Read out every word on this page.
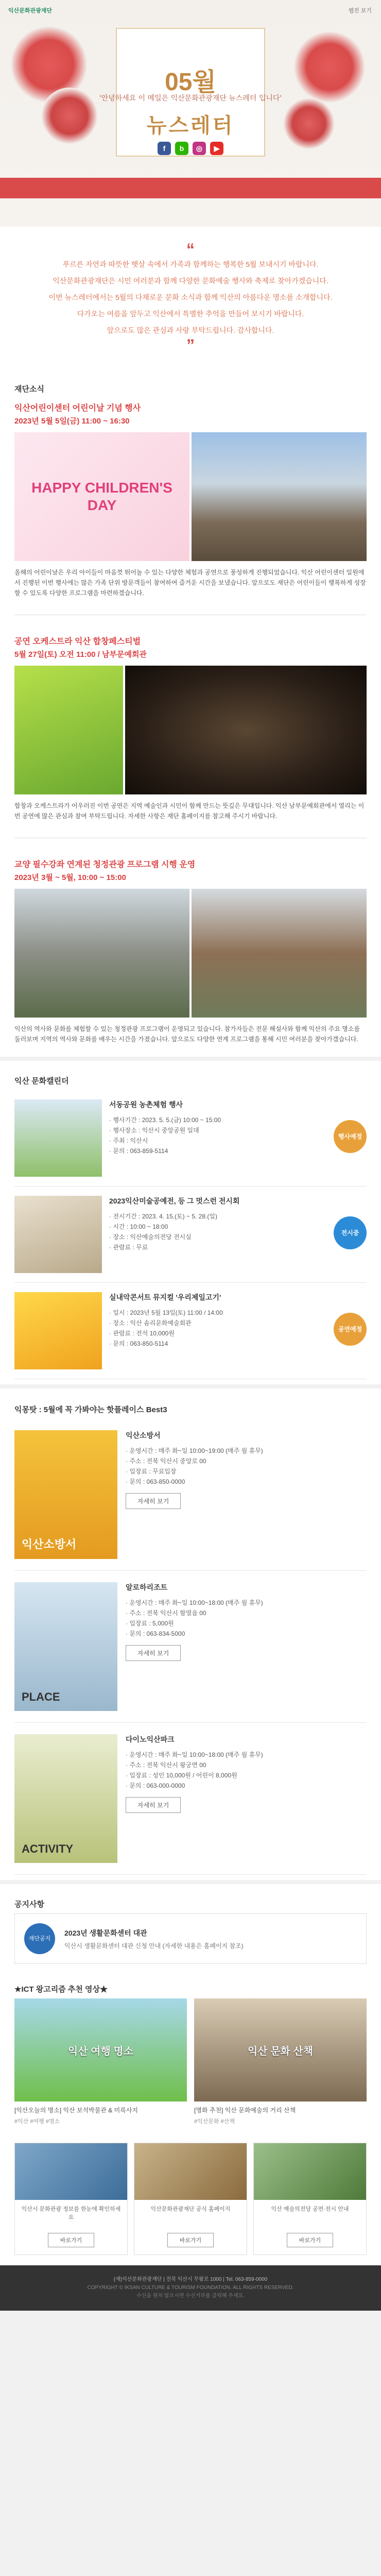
익산문화관광재단	웹진 보기
05월
'안녕하세요 이 메일은 익산문화관광재단 뉴스레터 입니다'
뉴스레터
f	b	◎	▶
“

푸르른 자연과 따뜻한 햇살 속에서 가족과 함께하는 행복한 5월 보내시기 바랍니다.

익산문화관광재단은 시민 여러분과 함께 다양한 문화예술 행사와 축제로 찾아가겠습니다.

이번 뉴스레터에서는 5월의 다채로운 문화 소식과 함께 익산의 아름다운 명소를 소개합니다.

다가오는 여름을 앞두고 익산에서 특별한 추억을 만들어 보시기 바랍니다.

앞으로도 많은 관심과 사랑 부탁드립니다. 감사합니다.

”
재단소식
익산어린이센터 어린이날 기념 행사
2023년 5월 5일(금) 11:00 ~ 16:30
HAPPY CHILDREN'S DAY
올해의 어린이날은 우리 아이들이 마음껏 뛰어놀 수 있는 다양한 체험과 공연으로 풍성하게 진행되었습니다. 익산 어린이센터 일원에서 진행된 이번 행사에는 많은 가족 단위 방문객들이 참여하여 즐거운 시간을 보냈습니다. 앞으로도 재단은 어린이들이 행복하게 성장할 수 있도록 다양한 프로그램을 마련하겠습니다.
공연 오케스트라 익산 합창페스티벌
5월 27일(토) 오전 11:00 / 남부문예회관
합창과 오케스트라가 어우러진 이번 공연은 지역 예술인과 시민이 함께 만드는 뜻깊은 무대입니다. 익산 남부문예회관에서 열리는 이번 공연에 많은 관심과 참여 부탁드립니다. 자세한 사항은 재단 홈페이지를 참고해 주시기 바랍니다.
교양 필수강좌 연계된 청정관광 프로그램 시행 운영
2023년 3월 ~ 5월, 10:00 ~ 15:00
익산의 역사와 문화를 체험할 수 있는 청정관광 프로그램이 운영되고 있습니다. 참가자들은 전문 해설사와 함께 익산의 주요 명소를 둘러보며 지역의 역사와 문화를 배우는 시간을 가졌습니다. 앞으로도 다양한 연계 프로그램을 통해 시민 여러분을 찾아가겠습니다.
익산 문화캘린더
서동공원 농촌체험 행사

· 행사기간 : 2023. 5. 5.(금) 10:00 ~ 15:00

· 행사장소 : 익산시 중앙공원 일대

· 주최 : 익산시

· 문의 : 063-859-5114

행사예정
2023익산미술공예전, 등 그 멋스런 전시회

· 전시기간 : 2023. 4. 15.(토) ~ 5. 28.(일)

· 시간 : 10:00 ~ 18:00

· 장소 : 익산예술의전당 전시실

· 관람료 : 무료

전시중
실내악콘서트 뮤지컬 '우리제일고기'

· 일시 : 2023년 5월 13일(토) 11:00 / 14:00

· 장소 : 익산 솜리문화예술회관

· 관람료 : 전석 10,000원

· 문의 : 063-850-5114

공연예정
익몽탓 : 5월에 꼭 가봐야는 핫플레이스 Best3
익산소방서
익산소방서

· 운영시간 : 매주 화~일 10:00~19:00 (매주 월 휴무)

· 주소 : 전북 익산시 중앙로 00

· 입장료 : 무료입장

· 문의 : 063-850-0000

자세히 보기
PLACE
알로하리조트

· 운영시간 : 매주 화~일 10:00~18:00 (매주 월 휴무)

· 주소 : 전북 익산시 함열읍 00

· 입장료 : 5,000원

· 문의 : 063-834-5000

자세히 보기
ACTIVITY
다이노익산파크

· 운영시간 : 매주 화~일 10:00~18:00 (매주 월 휴무)

· 주소 : 전북 익산시 왕궁면 00

· 입장료 : 성인 10,000원 / 어린이 8,000원

· 문의 : 063-000-0000

자세히 보기
공지사항
재단공지
2023년 생활문화센터 대관
익산시 생활문화센터 대관 신청 안내 (자세한 내용은 홈페이지 참조)
★ICT 왕고리즘 추천 영상★
익산 여행 명소
[익산오늘의 명소] 익산 보석박물관 & 미륵사지
#익산 #여행 #명소
익산 문화 산책
[명화 추천] 익산 문화예술의 거리 산책
#익산문화 #산책

익산시 문화관광 정보를 한눈에 확인하세요

바로가기

익산문화관광재단 공식 홈페이지

바로가기

익산 예술의전당 공연·전시 안내

바로가기
(재)익산문화관광재단 | 전북 익산시 무왕로 1000 | Tel. 063-859-0000
COPYRIGHT © IKSAN CULTURE & TOURISM FOUNDATION. ALL RIGHTS RESERVED.
수신을 원치 않으시면 수신거부를 클릭해 주세요.
